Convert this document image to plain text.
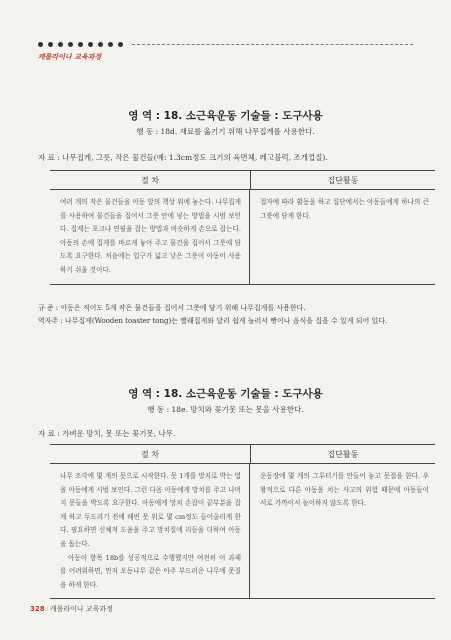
캐롤라이나 교육과정
영 역 : 18. 소근육운동 기술들 : 도구사용
행 동 : 18d. 재료를 옮기기 위해 나무집게를 사용한다.
자 료 : 나무집게, 그릇, 작은 물건들(예: 1.3cm정도 크기의 육면체, 레고블럭, 조개껍질).
절 차	집단활동

여러 개의 작은 물건들을 아동 앞의 책상 위에 놓는다. 나무집게를 사용하여 물건들을 집어서 그릇 안에 넣는 방법을 시범 보인다. 집게는 포크나 연필을 잡는 방법과 비슷하게 손으로 잡는다. 아동의 손에 집게를 바르게 놓아 주고 물건을 집어서 그릇에 담도록 요구한다. 처음에는 입구가 넓고 낮은 그릇이 아동이 사용하기 쉬울 것이다.

접자에 따라 활동을 하고 집단에서는 아동들에게 하나의 큰 그릇에 담게 한다.

규 준 : 아동은 적어도 5개 작은 물건들을 집어서 그릇에 담기 위해 나무집게를 사용한다.
역자주 : 나무집게(Wooden toaster tong)는 빨래집게와 달리 쉽게 눌러서 빵이나 음식을 집을 수 있게 되어 있다.
영 역 : 18. 소근육운동 기술들 : 도구사용
행 동 : 18e. 망치와 꽂기못 또는 못을 사용한다.
자 료 : 가벼운 망치, 못 또는 꽂기못, 나무.
절 차	집단활동

나무 조각에 몇 개의 못으로 시작한다. 못 1개를 망치로 박는 법을 아동에게 시범 보인다. 그런 다음 아동에게 망치를 주고 나머지 못들을 박도록 요구한다. 아동에게 망치 손잡이 끝부분을 잡게 하고 두드리기 전에 해빈 못 위로 몇 cm정도 들어올리게 한다. 필요하면 신체적 도움을 주고 망치질에 리듬을 더하여 아동을 돕는다.

아동이 항목 18b를 성공적으로 수행했지만 여전히 이 과제를 어려워하면, 먼저 오동나무 같은 아주 부드러운 나무에 못질을 하게 한다.

운동장에 몇 개의 그루터기를 만들어 놓고 못질을 한다. 우왕적으로 다른 아동을 치는 사고의 위험 때문에 아동들이 서로 가까이서 놀이하지 않도록 한다.

328 캐롤라이나 교육과정
